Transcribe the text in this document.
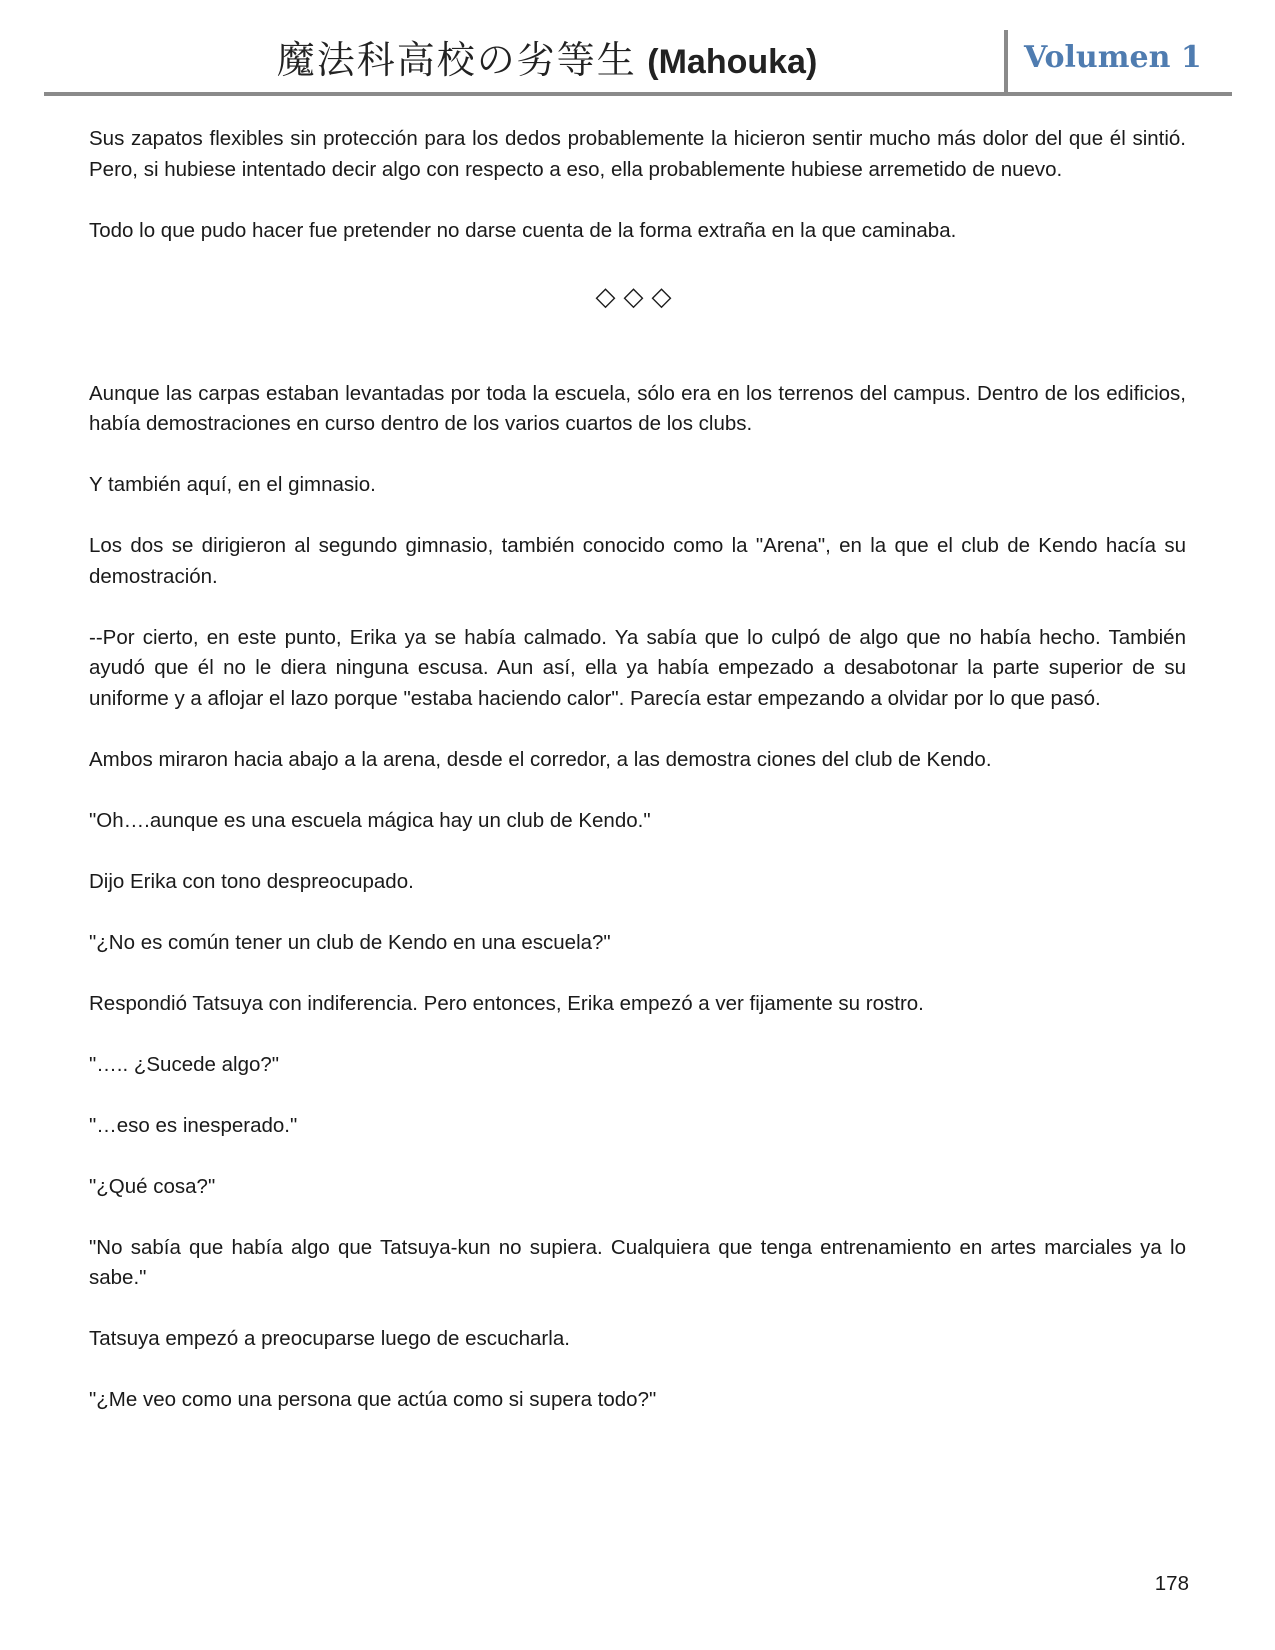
魔法科高校の劣等生 (Mahouka)	Volumen 1

Sus zapatos flexibles sin protección para los dedos probablemente la hicieron sentir mucho más dolor del que él sintió. Pero, si hubiese intentado decir algo con respecto a eso, ella probablemente hubiese arremetido de nuevo.

Todo lo que pudo hacer fue pretender no darse cuenta de la forma extraña en la que caminaba.

◇◇◇

Aunque las carpas estaban levantadas por toda la escuela, sólo era en los terrenos del campus. Dentro de los edificios, había demostraciones en curso dentro de los varios cuartos de los clubs.

Y también aquí, en el gimnasio.

Los dos se dirigieron al segundo gimnasio, también conocido como la "Arena", en la que el club de Kendo hacía su demostración.

--Por cierto, en este punto, Erika ya se había calmado. Ya sabía que lo culpó de algo que no había hecho. También ayudó que él no le diera ninguna escusa. Aun así, ella ya había empezado a desabotonar la parte superior de su uniforme y a aflojar el lazo porque "estaba haciendo calor". Parecía estar empezando a olvidar por lo que pasó.

Ambos miraron hacia abajo a la arena, desde el corredor, a las demostra ciones del club de Kendo.

"Oh….aunque es una escuela mágica hay un club de Kendo."

Dijo Erika con tono despreocupado.

"¿No es común tener un club de Kendo en una escuela?"

Respondió Tatsuya con indiferencia. Pero entonces, Erika empezó a ver fijamente su rostro.

"….. ¿Sucede algo?"

"…eso es inesperado."

"¿Qué cosa?"

"No sabía que había algo que Tatsuya-kun no supiera. Cualquiera que tenga entrenamiento en artes marciales ya lo sabe."

Tatsuya empezó a preocuparse luego de escucharla.

"¿Me veo como una persona que actúa como si supera todo?"

178
